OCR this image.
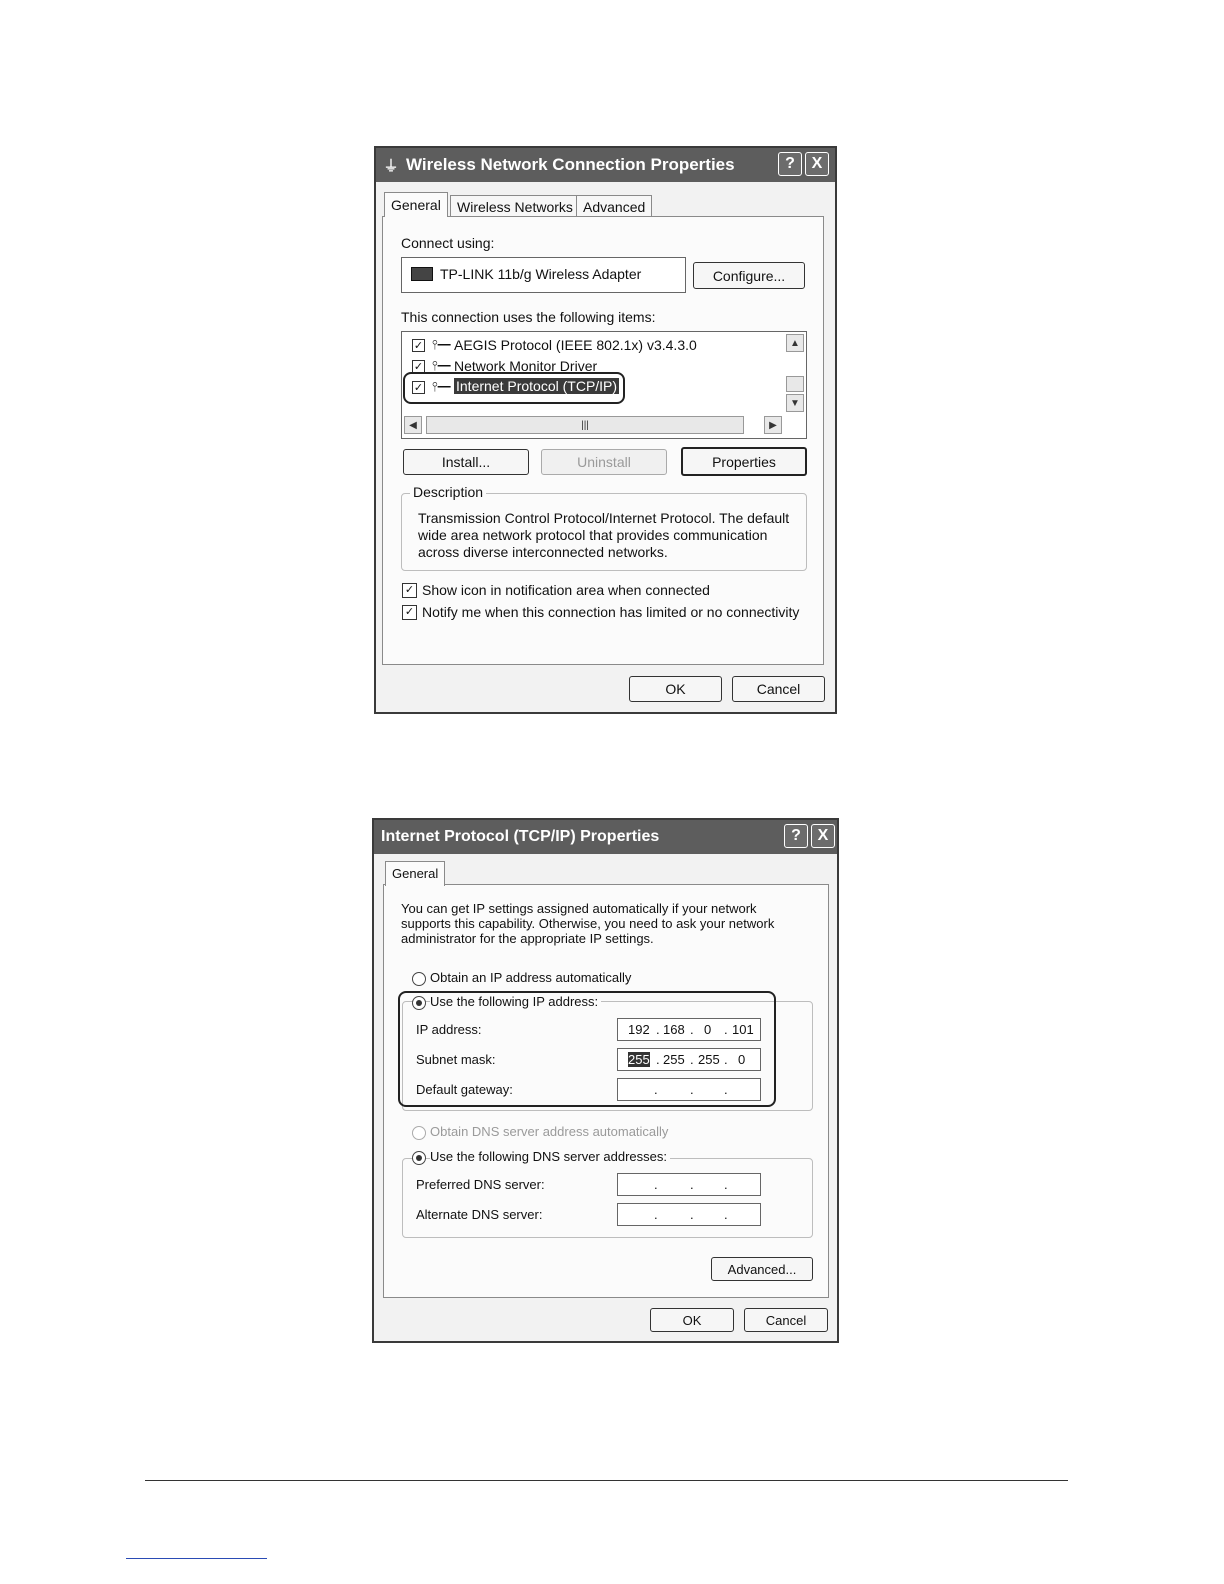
⏚ Wireless Network Connection Properties	?	X
General	Wireless Networks Advanced
Connect using:
TP-LINK 11b/g Wireless Adapter	Configure...
This connection uses the following items:
✓ ⫯━ AEGIS Protocol (IEEE 802.1x) v3.4.3.0
✓ ⫯━ Network Monitor Driver
✓ ⫯━ Internet Protocol (TCP/IP)
▲
▼
◀	|||	▶
Install...	Uninstall	Properties
Description
Transmission Control Protocol/Internet Protocol. The default wide area network protocol that provides communication across diverse interconnected networks.
✓ Show icon in notification area when connected
✓ Notify me when this connection has limited or no connectivity
OK	Cancel
Internet Protocol (TCP/IP) Properties	?	X
General
You can get IP settings assigned automatically if your network supports this capability. Otherwise, you need to ask your network administrator for the appropriate IP settings.
Obtain an IP address automatically
Use the following IP address:
IP address:	192 . 168 . 0 . 101
Subnet mask:	255 . 255 . 255 . 0
Default gateway:	. . .
Obtain DNS server address automatically
Use the following DNS server addresses:
Preferred DNS server:	. . .
Alternate DNS server:	. . .
Advanced...
OK	Cancel
